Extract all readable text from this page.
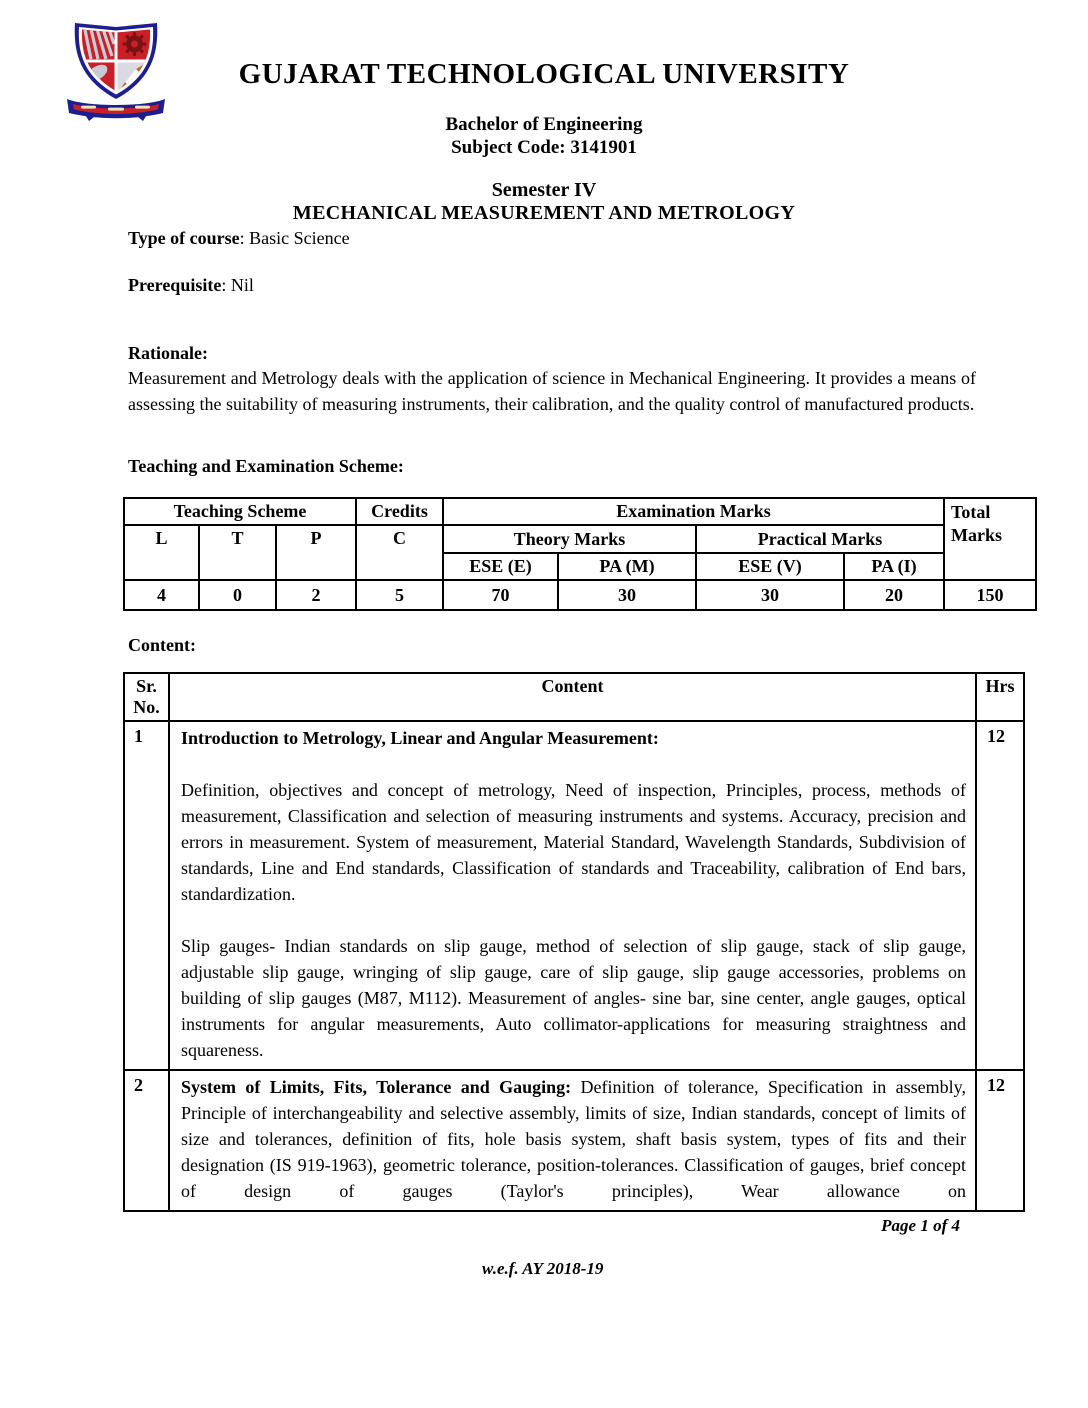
GUJARAT TECHNOLOGICAL UNIVERSITY
Bachelor of Engineering
Subject Code: 3141901
Semester IV
MECHANICAL MEASUREMENT AND METROLOGY
Type of course: Basic Science
Prerequisite: Nil
Rationale:
Measurement and Metrology deals with the application of science in Mechanical Engineering. It provides a means of assessing the suitability of measuring instruments, their calibration, and the quality control of manufactured products.
Teaching and Examination Scheme:
Teaching Scheme			Credits	Examination Marks				Total Marks
L	T	P	C	Theory Marks		Practical Marks		
				ESE (E)	PA (M)	ESE (V)	PA (I)	
4	0	2	5	70	30	30	20	150
Content:
Sr.
No.	Content	Hrs
1	Introduction to Metrology, Linear and Angular Measurement:

Definition, objectives and concept of metrology, Need of inspection, Principles, process, methods of measurement, Classification and selection of measuring instruments and systems. Accuracy, precision and errors in measurement. System of measurement, Material Standard, Wavelength Standards, Subdivision of standards, Line and End standards, Classification of standards and Traceability, calibration of End bars, standardization.

Slip gauges- Indian standards on slip gauge, method of selection of slip gauge, stack of slip gauge, adjustable slip gauge, wringing of slip gauge, care of slip gauge, slip gauge accessories, problems on building of slip gauges (M87, M112). Measurement of angles- sine bar, sine center, angle gauges, optical instruments for angular measurements, Auto collimator-applications for measuring straightness and squareness.	12
2	System of Limits, Fits, Tolerance and Gauging: Definition of tolerance, Specification in assembly, Principle of interchangeability and selective assembly, limits of size, Indian standards, concept of limits of size and tolerances, definition of fits, hole basis system, shaft basis system, types of fits and their designation (IS 919-1963), geometric tolerance, position-tolerances. Classification of gauges, brief concept of design of gauges (Taylor's principles), Wear allowance on	12
Page 1 of 4
w.e.f. AY 2018-19
